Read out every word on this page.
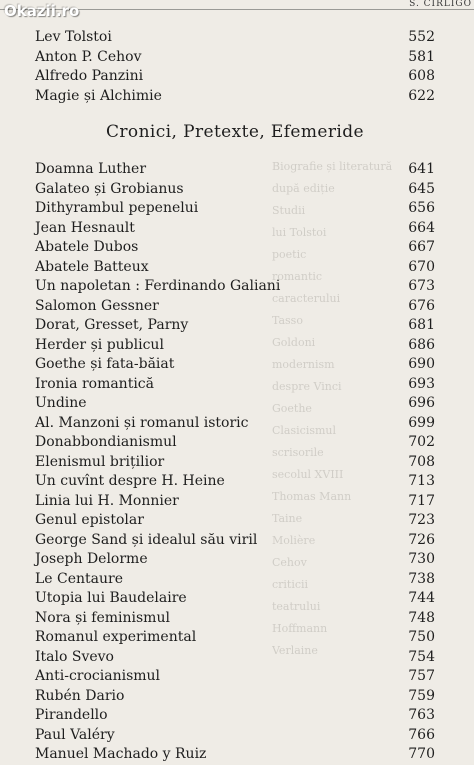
S. CIRLIGO
Okazii.ro
Biografie și literatură
după ediție
Studii
lui Tolstoi
poetic
romantic
caracterului
Tasso
Goldoni
modernism
despre Vinci
Goethe
Clasicismul
scrisorile
secolul XVIII
Thomas Mann
Taine
Molière
Cehov
criticii
teatrului
Hoffmann
Verlaine
Lev Tolstoi	552
Anton P. Cehov	581
Alfredo Panzini	608
Magie și Alchimie	622
Cronici, Pretexte, Efemeride
Doamna Luther	641
Galateo și Grobianus	645
Dithyrambul pepenelui	656
Jean Hesnault	664
Abatele Dubos	667
Abatele Batteux	670
Un napoletan : Ferdinando Galiani	673
Salomon Gessner	676
Dorat, Gresset, Parny	681
Herder și publicul	686
Goethe și fata-băiat	690
Ironia romantică	693
Undine	696
Al. Manzoni și romanul istoric	699
Donabbondianismul	702
Elenismul brițilior	708
Un cuvînt despre H. Heine	713
Linia lui H. Monnier	717
Genul epistolar	723
George Sand și idealul său viril	726
Joseph Delorme	730
Le Centaure	738
Utopia lui Baudelaire	744
Nora și feminismul	748
Romanul experimental	750
Italo Svevo	754
Anti-crocianismul	757
Rubén Dario	759
Pirandello	763
Paul Valéry	766
Manuel Machado y Ruiz	770
